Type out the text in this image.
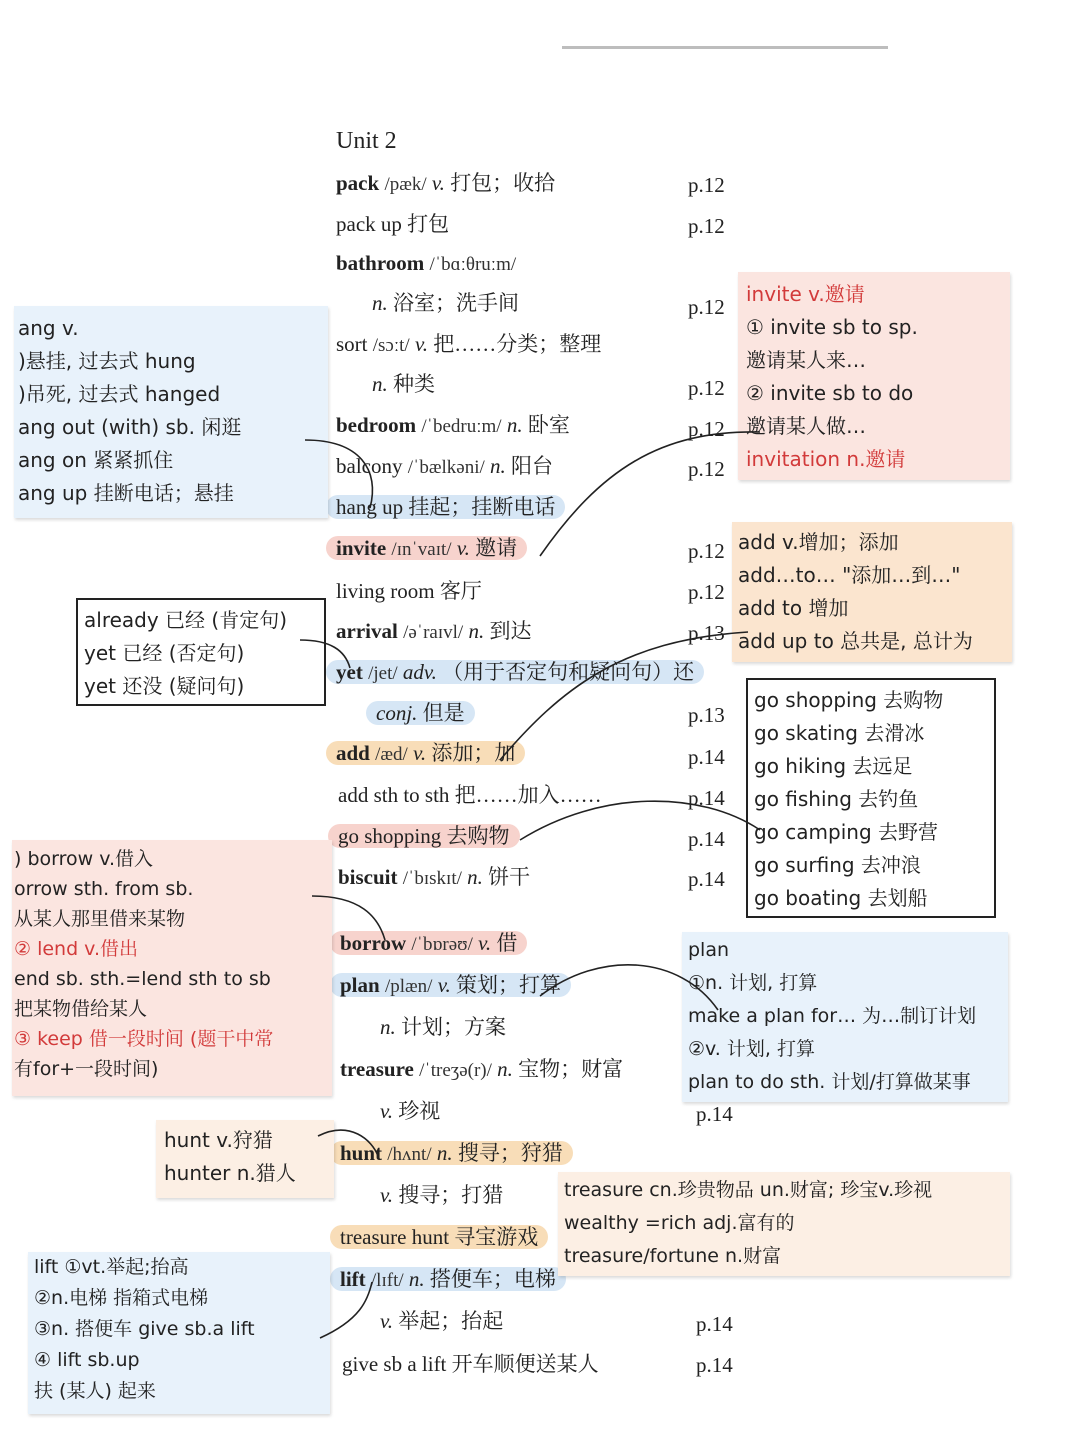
Unit 2
pack /pæk/ v. 打包；收拾	p.12
pack up 打包	p.12
bathroom /ˈbɑːθruːm/
n. 浴室；洗手间	p.12
sort /sɔːt/ v. 把……分类；整理
n. 种类	p.12
bedroom /ˈbedruːm/ n. 卧室	p.12
balcony /ˈbælkəni/ n. 阳台	p.12
hang up 挂起；挂断电话
invite /ɪnˈvaɪt/ v. 邀请	p.12
living room 客厅	p.12
arrival /əˈraɪvl/ n. 到达	p.13
yet /jet/ adv. （用于否定句和疑问句）还
conj. 但是	p.13
add /æd/ v. 添加；加	p.14
add sth to sth 把……加入……	p.14
go shopping 去购物	p.14
biscuit /ˈbɪskɪt/ n. 饼干	p.14
borrow /ˈbɒrəʊ/ v. 借
plan /plæn/ v. 策划；打算
n. 计划；方案
treasure /ˈtreʒə(r)/ n. 宝物；财富
v. 珍视	p.14
hunt /hʌnt/ n. 搜寻；狩猎
v. 搜寻；打猎
treasure hunt 寻宝游戏
lift /lɪft/ n. 搭便车；电梯
v. 举起；抬起	p.14
give sb a lift 开车顺便送某人	p.14
ang v.
)悬挂, 过去式 hung
)吊死, 过去式 hanged
ang out (with) sb. 闲逛
ang on 紧紧抓住
ang up 挂断电话；悬挂
invite v.邀请
① invite sb to sp.
邀请某人来…
② invite sb to do
邀请某人做…
invitation n.邀请
already 已经 (肯定句)
yet 已经 (否定句)
yet 还没 (疑问句)
add v.增加；添加
add…to… "添加…到…"
add to 增加
add up to 总共是, 总计为
go shopping 去购物
go skating 去滑冰
go hiking 去远足
go fishing 去钓鱼
go camping 去野营
go surfing 去冲浪
go boating 去划船
) borrow v.借入
orrow sth. from sb.
从某人那里借来某物
② lend v.借出
end sb. sth.=lend sth to sb
把某物借给某人
③ keep 借一段时间 (题干中常
有for+一段时间)
plan
①n. 计划, 打算
make a plan for… 为…制订计划
②v. 计划, 打算
plan to do sth. 计划/打算做某事
hunt v.狩猎
hunter n.猎人
treasure cn.珍贵物品 un.财富; 珍宝v.珍视
wealthy =rich adj.富有的
treasure/fortune n.财富
lift ①vt.举起;抬高
②n.电梯 指箱式电梯
③n. 搭便车 give sb.a lift
④ lift sb.up
扶 (某人) 起来
